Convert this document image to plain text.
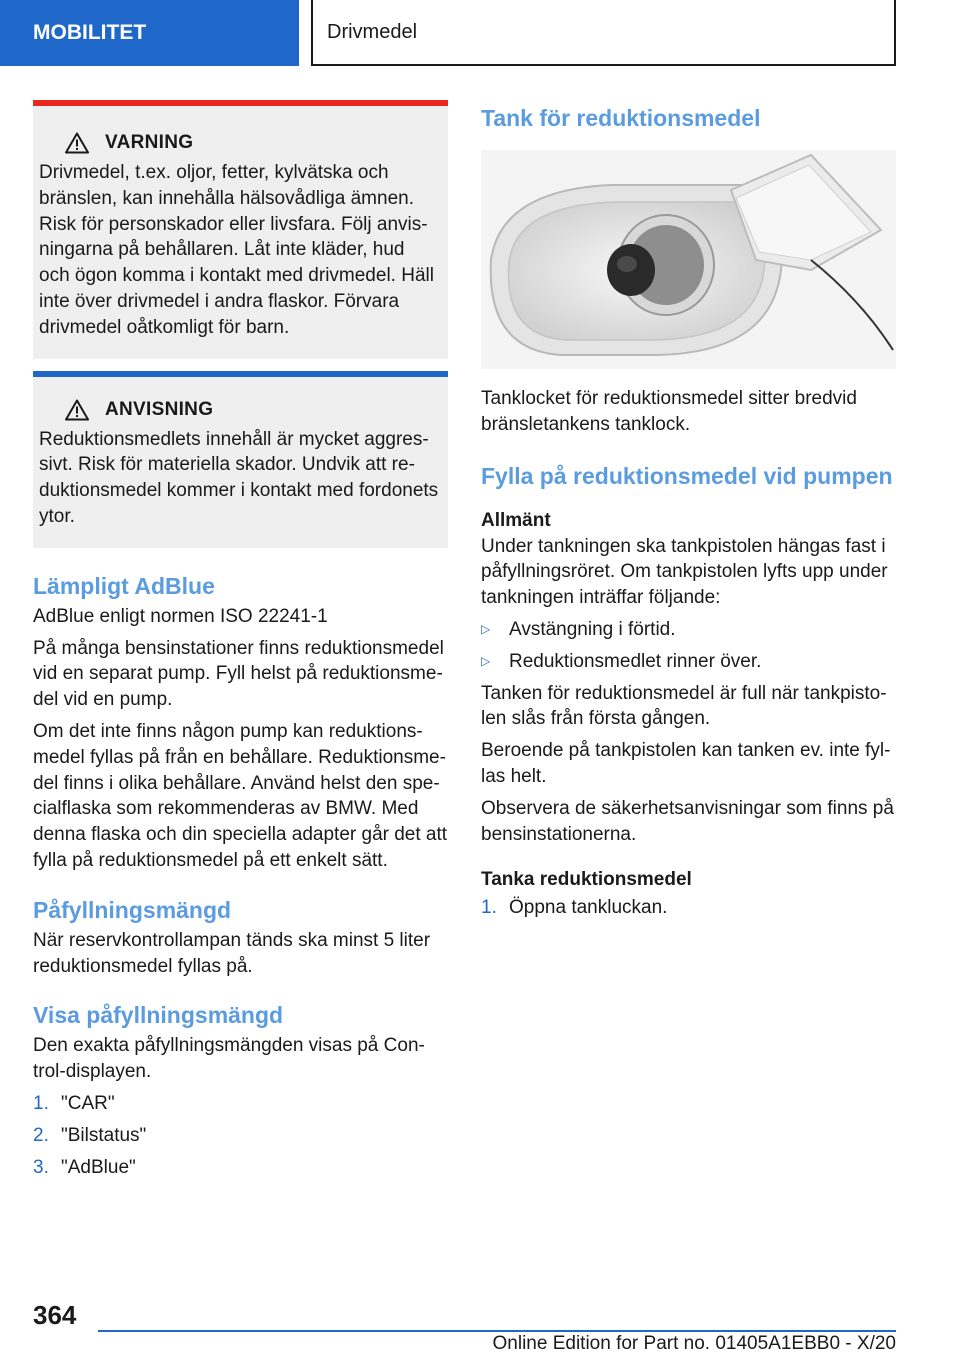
MOBILITET	Drivmedel
VARNING
Drivmedel, t.ex. oljor, fetter, kylvätska och bränslen, kan innehålla hälsovådliga ämnen. Risk för personskador eller livsfara. Följ anvisningarna på behållaren. Låt inte kläder, hud och ögon komma i kontakt med drivmedel. Häll inte över drivmedel i andra flaskor. Förvara drivmedel oåtkomligt för barn.
ANVISNING
Reduktionsmedlets innehåll är mycket aggressivt. Risk för materiella skador. Undvik att reduktionsmedel kommer i kontakt med fordonets ytor.
Lämpligt AdBlue

AdBlue enligt normen ISO 22241‑1

På många bensinstationer finns reduktionsmedel vid en separat pump. Fyll helst på reduktionsmedel vid en pump.

Om det inte finns någon pump kan reduktionsmedel fyllas på från en behållare. Reduktionsmedel finns i olika behållare. Använd helst den specialflaska som rekommenderas av BMW. Med denna flaska och din speciella adapter går det att fylla på reduktionsmedel på ett enkelt sätt.

Påfyllningsmängd

När reservkontrollampan tänds ska minst 5 liter reduktionsmedel fyllas på.

Visa påfyllningsmängd

Den exakta påfyllningsmängden visas på Control-displayen.

1. "CAR"
2. "Bilstatus"
3. "AdBlue"
Tank för reduktionsmedel

Tanklocket för reduktionsmedel sitter bredvid bränsletankens tanklock.

Fylla på reduktionsmedel vid pumpen
Allmänt

Under tankningen ska tankpistolen hängas fast i påfyllningsröret. Om tankpistolen lyfts upp under tankningen inträffar följande:

▷ Avstängning i förtid.
▷ Reduktionsmedlet rinner över.

Tanken för reduktionsmedel är full när tankpistolen slås från första gången.

Beroende på tankpistolen kan tanken ev. inte fyllas helt.

Observera de säkerhetsanvisningar som finns på bensinstationerna.

Tanka reduktionsmedel
1. Öppna tankluckan.
364
Online Edition for Part no. 01405A1EBB0 - X/20
